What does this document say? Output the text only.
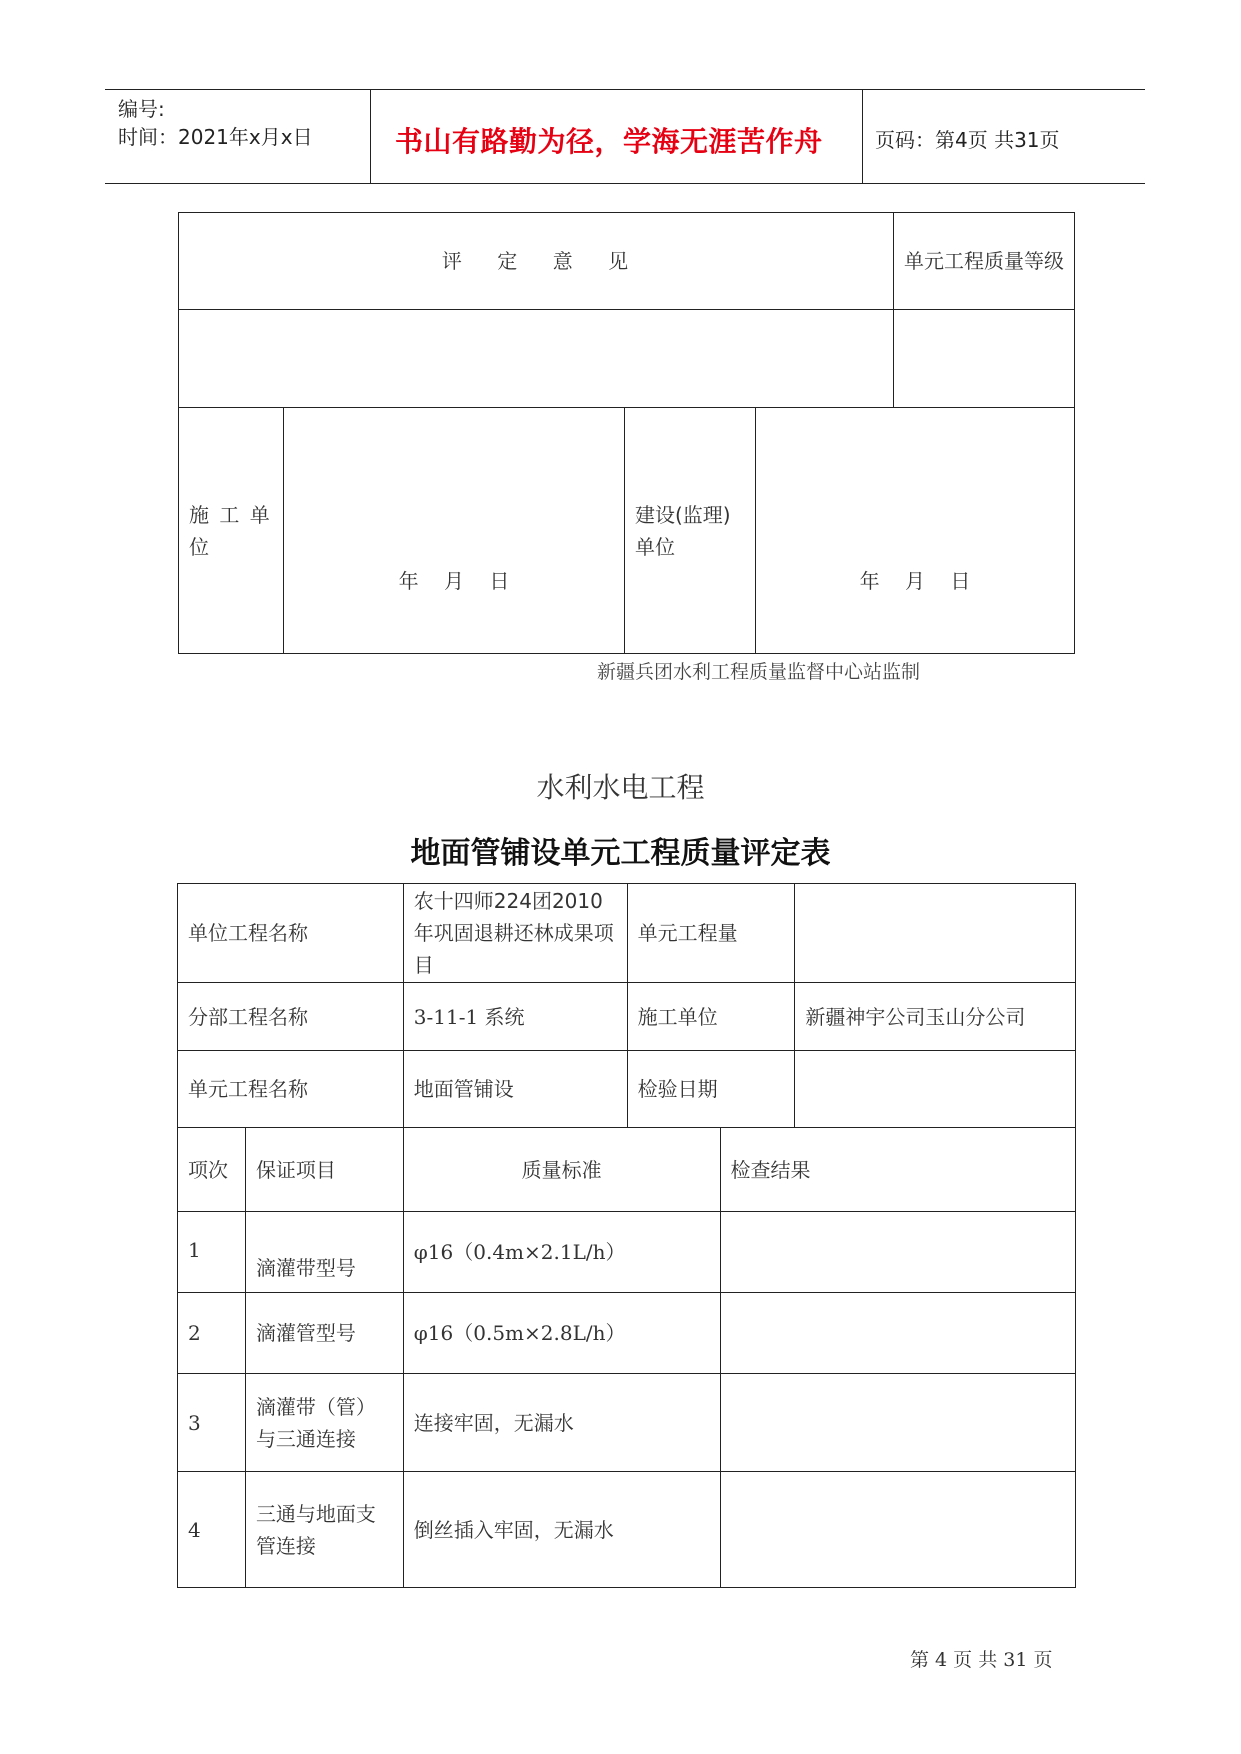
编号:
时间：2021年x月x日	书山有路勤为径，学海无涯苦作舟	页码：第4页 共31页
评    定    意    见				单元工程质量等级

施 工 单 位	年    月    日	建设(监理)单位	年    月    日	
新疆兵团水利工程质量监督中心站监制
水利水电工程
地面管铺设单元工程质量评定表
单位工程名称		农十四师224团2010年巩固退耕还林成果项目	单元工程量		
分部工程名称		3-11-1 系统	施工单位		新疆神宇公司玉山分公司
单元工程名称		地面管铺设	检验日期		
项次	保证项目	质量标准		检查结果	
1	滴灌带型号	φ16（0.4m×2.1L/h）			
2	滴灌管型号	φ16（0.5m×2.8L/h）			
3	滴灌带（管）与三通连接	连接牢固，无漏水			
4	三通与地面支管连接	倒丝插入牢固，无漏水			
第 4 页 共 31 页
